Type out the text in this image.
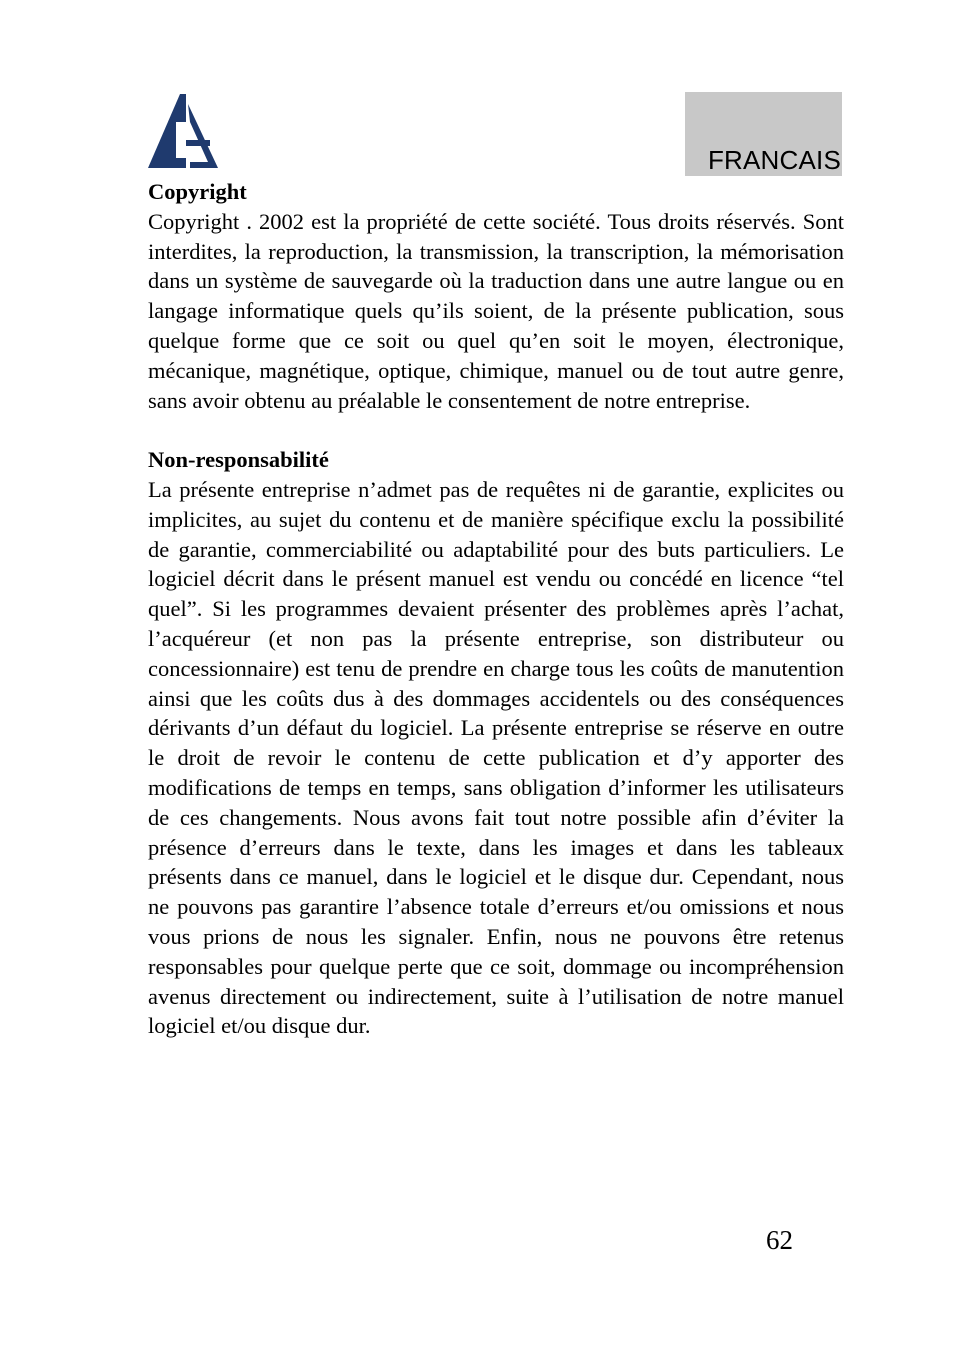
FRANCAIS

Copyright

Copyright . 2002 est la propriété de cette société. Tous droits réservés. Sont interdites, la reproduction, la transmission, la transcription, la mémorisation dans un système de sauvegarde où la traduction dans une autre langue ou en langage informatique quels qu’ils soient, de la présente publication, sous quelque forme que ce soit ou quel qu’en soit le moyen, électronique, mécanique, magnétique, optique, chimique, manuel ou de tout autre genre, sans avoir obtenu au préalable le consentement de notre entreprise.

Non-responsabilité

La présente entreprise n’admet pas de requêtes ni de garantie, explicites ou implicites, au sujet du contenu et de manière spécifique exclu la possibilité de garantie, commerciabilité ou adaptabilité pour des buts particuliers. Le logiciel décrit dans le présent manuel est vendu ou concédé en licence “tel quel”. Si les programmes devaient présenter des problèmes après l’achat, l’acquéreur (et non pas la présente entreprise, son distributeur ou concessionnaire) est tenu de prendre en charge tous les coûts de manutention ainsi que les coûts dus à des dommages accidentels ou des conséquences dérivants d’un défaut du logiciel. La présente entreprise se réserve en outre le droit de revoir le contenu de cette publication et d’y apporter des modifications de temps en temps, sans obligation d’informer les utilisateurs de ces changements. Nous avons fait tout notre possible afin d’éviter la présence d’erreurs dans le texte, dans les images et dans les tableaux présents dans ce manuel, dans le logiciel et le disque dur. Cependant, nous ne pouvons pas garantire l’absence totale d’erreurs et/ou omissions et nous vous prions de nous les signaler. Enfin, nous ne pouvons être retenus responsables pour quelque perte que ce soit, dommage ou incompréhension avenus directement ou indirectement, suite à l’utilisation de notre manuel logiciel et/ou disque dur.

62
